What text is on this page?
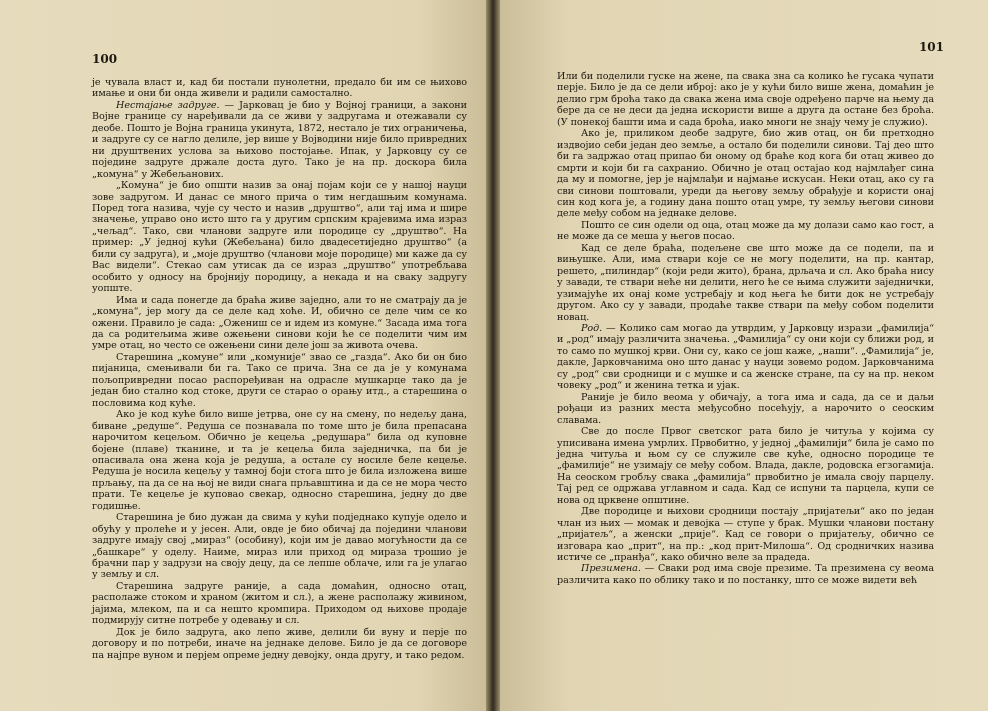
100

је чувала власт и, кад би постали пунолетни, предало би им се њихово имање и они би онда живели и радили самостално.

Нестајање задруге. — Јарковац је био у Војној граници, а закони Војне границе су наређивали да се живи у задругама и отежавали су деобе. Пошто је Војна граница укинута, 1872, нестало је тих ограничења, и задруге су се нагло делиле, јер више у Војводини није било привредних ни друштвених услова за њихово постојање. Ипак, у Јарковцу су се поједине задруге држале доста дуго. Тако је на пр. доскора била „комуна“ у Жебељанових.

„Комуна“ је био општи назив за онај појам који се у нашој науци зове задругом. И данас се много прича о тим негдашњим комунама. Поред тога назива, чује су често и назив „друштво“, али тај има и шире значење, управо оно исто што га у другим српским крајевима има израз „чељад“. Тако, сви чланови задруге или породице су „друштво“. На пример: „У једној кући (Жебељана) било двадесетиједно друштво“ (а били су задруга), и „моје друштво (чланови моје породице) ми каже да су Вас видели“. Стекао сам утисак да се израз „друштво“ употребљава особито у односу на бројнију породицу, а некада и на сваку задругу уопште.

Има и сада понегде да браћа живе заједно, али то не сматрају да је „комуна“, јер могу да се деле кад хоће. И, обично се деле чим се ко ожени. Правило је сада: „Ожениш се и идем из комуне.“ Засада има тога да са родитељима живе ожењени синови који ће се поделити чим им умре отац, но често се ожењени сини деле још за живота очева.

Старешина „комуне“ или „комуније“ звао се „газда“. Ако би он био пијаница, смењивали би га. Тако се прича. Зна се да је у комунама пољопривредни посао распоређиван на одрасле мушкарце тако да је један био стално код стоке, други се старао о орању итд., а старешина о пословима код куће.

Ако је код куће било више јетрва, оне су на смену, по недељу дана, биване „редуше“. Редуша се познавала по томе што је била препасана нарочитом кецељом. Обично је кецеља „редушара“ била од куповне боjене (плаве) тканине, и та је кецеља била заједничка, па би је опасивала она жена која је редуша, а остале су носиле беле кецеље. Редуша је носила кецељу у тамној боји стога што је била изложена више прљању, па да се на њој не види снага прљавштина и да се не мора често прати. Те кецеље је куповао свекар, односно старешина, једну до две годишње.

Старешина је био дужан да свима у кући подједнако купује одело и обућу у пролеће и у јесен. Али, овде је био обичај да поједини чланови задруге имају свој „мираз“ (особину), који им је давао могућности да се „башкаре“ у оделу. Наиме, мираз или приход од мираза трошио је брачни пар у задрузи на своју децу, да се лепше облаче, или га је улагао у земљу и сл.

Старешина задруге раније, а сада домаћин, односно отац, располаже стоком и храном (житом и сл.), а жене располажу живином, јајима, млеком, па и са нешто кромпира. Приходом од њихове продаје подмирују ситне потребе у одевању и сл.

Док је било задруга, ако лепо живе, делили би вуну и перје по договору и по потреби, иначе на једнаке делове. Било је да се договоре па најпре вуном и перјем опреме једну девојку, онда другу, и тако редом.

101

Или би поделили гуске на жене, па свака зна са колико ће гусака чупати перје. Било је да се дели иброј: ако је у кући било више жена, домаћин је делио грм броћа тако да свака жена има своје одређено парче на њему да бере да се не деси да једна искористи више а друга да остане без броћа. (У понекој башти има и сада броћа, иако многи не знају чему је служио).

Ако је, приликом деобе задруге, био жив отац, он би претходно издвојио себи један део земље, а остало би поделили синови. Тај део што би га задржао отац припао би оному од браће код кога би отац живео до смрти и који би га сахранио. Обично је отац остајао код најмлађег сина да му и помогне, јер је најмлађи и најмање искусан. Неки отац, ако су га сви синови поштовали, уреди да његову земљу обрађује и користи онај син код кога је, а годину дана пошто отац умре, ту земљу његови синови деле међу собом на једнаке делове.

Пошто се син одели од оца, отац може да му долази само као гост, а не може да се меша у његов посао.

Кад се деле браћа, подељене све што може да се подели, па и вињушке. Али, има ствари које се не могу поделити, на пр. кантар, решето, „пилиндар“ (који реди жито), брана, дрљача и сл. Ако браћа нису у завади, те ствари неће ни делити, него ће се њима служити заједнички, узимајуће их онај коме устребају и код њега ће бити док не устребају другом. Ако су у завади, продаће такве ствари па међу собом поделити новац.

Род. — Колико сам могао да утврдим, у Јарковцу изрази „фамилија“ и „род“ имају различита значења. „Фамилија“ су они који су ближи род, и то само по мушкој крви. Они су, како се још каже, „наши“. „Фамилија“ је, дакле, Јарковчанима оно што данас у науци зовемо родом. Јарковчанима су „род“ сви сродници и с мушке и са женске стране, па су на пр. неком човеку „род“ и женина тетка и ујак.

Раније је било веома у обичају, а тога има и сада, да се и даљи рођаци из разних места међусобно посећују, а нарочито о сеоским славама.

Све до после Првог светског рата било је читуља у којима су уписивана имена умрлих. Првобитно, у једној „фамилији“ била је само по једна читуља и њом су се служиле све куће, односно породице те „фамилије“ не узимају се међу собом. Влада, дакле, родовска егзогамија. На сеоском гробљу свака „фамилија“ првобитно је имала своју парцелу. Тај ред се одржава углавном и сада. Кад се испуни та парцела, купи се нова од црквене општине.

Две породице и њихови сродници постају „пријатељи“ ако по један члан из њих — момак и девојка — ступе у брак. Мушки чланови постану „пријатељ“, а женски „прије“. Кад се говори о пријатељу, обично се изговара као „прит“, на пр.: „код прит-Милоша“. Од сродничких назива истиче се „пранђа“, како обично веле за прадеда.

Презимена. — Сваки род има своје презиме. Та презимена су веома различита како по облику тако и по постанку, што се може видети већ
